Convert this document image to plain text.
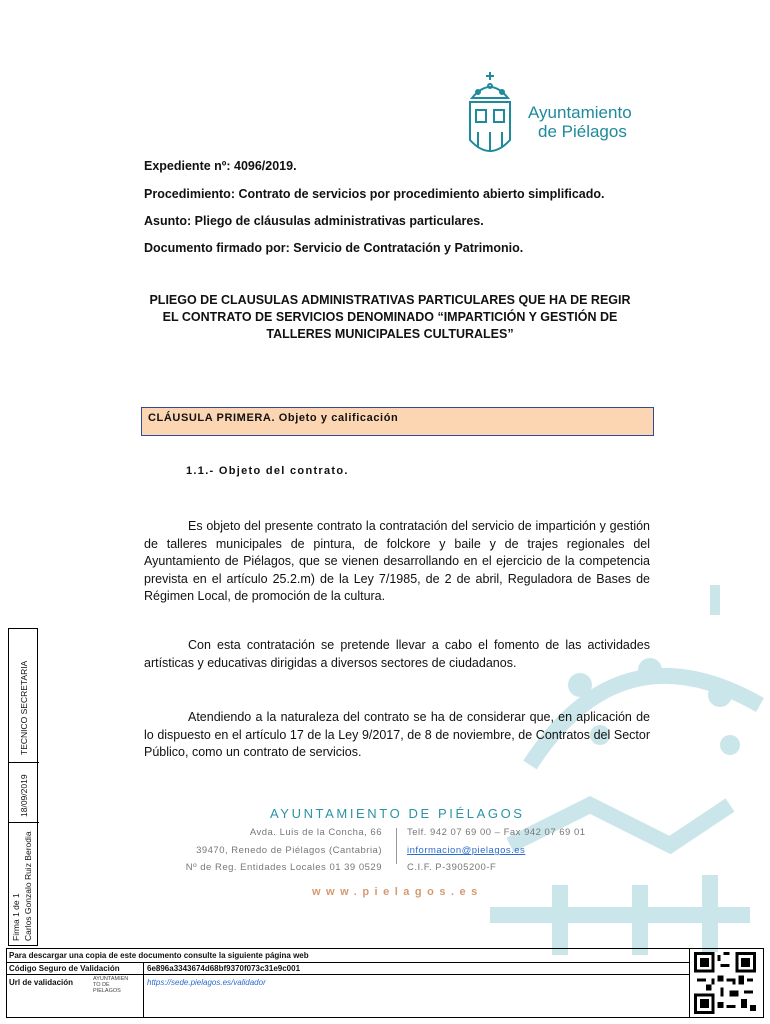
Ayuntamiento
de Piélagos
Expediente nº: 4096/2019.
Procedimiento: Contrato de servicios por procedimiento abierto simplificado.
Asunto: Pliego de cláusulas administrativas particulares.
Documento firmado por: Servicio de Contratación y Patrimonio.
PLIEGO DE CLAUSULAS ADMINISTRATIVAS PARTICULARES QUE HA DE REGIR
EL CONTRATO DE SERVICIOS DENOMINADO “IMPARTICIÓN Y GESTIÓN DE
TALLERES MUNICIPALES CULTURALES”
CLÁUSULA PRIMERA. Objeto y calificación
1.1.- Objeto del contrato.
Es objeto del presente contrato la contratación del servicio de impartición y gestión de talleres municipales de pintura, de folckore y baile y de trajes regionales del Ayuntamiento de Piélagos, que se vienen desarrollando en el ejercicio de la competencia prevista en el artículo 25.2.m) de la Ley 7/1985, de 2 de abril, Reguladora de Bases de Régimen Local, de promoción de la cultura.
Con esta contratación se pretende llevar a cabo el fomento de las actividades artísticas y educativas dirigidas a diversos sectores de ciudadanos.
Atendiendo a la naturaleza del contrato se ha de considerar que, en aplicación de lo dispuesto en el artículo 17 de la Ley 9/2017, de 8 de noviembre, de Contratos del Sector Público, como un contrato de servicios.
AYUNTAMIENTO DE PIÉLAGOS
Avda. Luis de la Concha, 66
39470, Renedo de Piélagos (Cantabria)
Nº de Reg. Entidades Locales 01 39 0529
Telf. 942 07 69 00 – Fax 942 07 69 01
informacion@pielagos.es
C.I.F. P-3905200-F
www.pielagos.es
TECNICO SECRETARIA
18/09/2019
Firma 1 de 1 Carlos Gonzalo Ruiz Berodia
Para descargar una copia de este documento consulte la siguiente página web
Código Seguro de Validación	6e896a3343674d68bf9370f073c31e9c001
Url de validación	AYUNTAMIEN
TO DE
PIELAGOS
https://sede.pielagos.es/validador
